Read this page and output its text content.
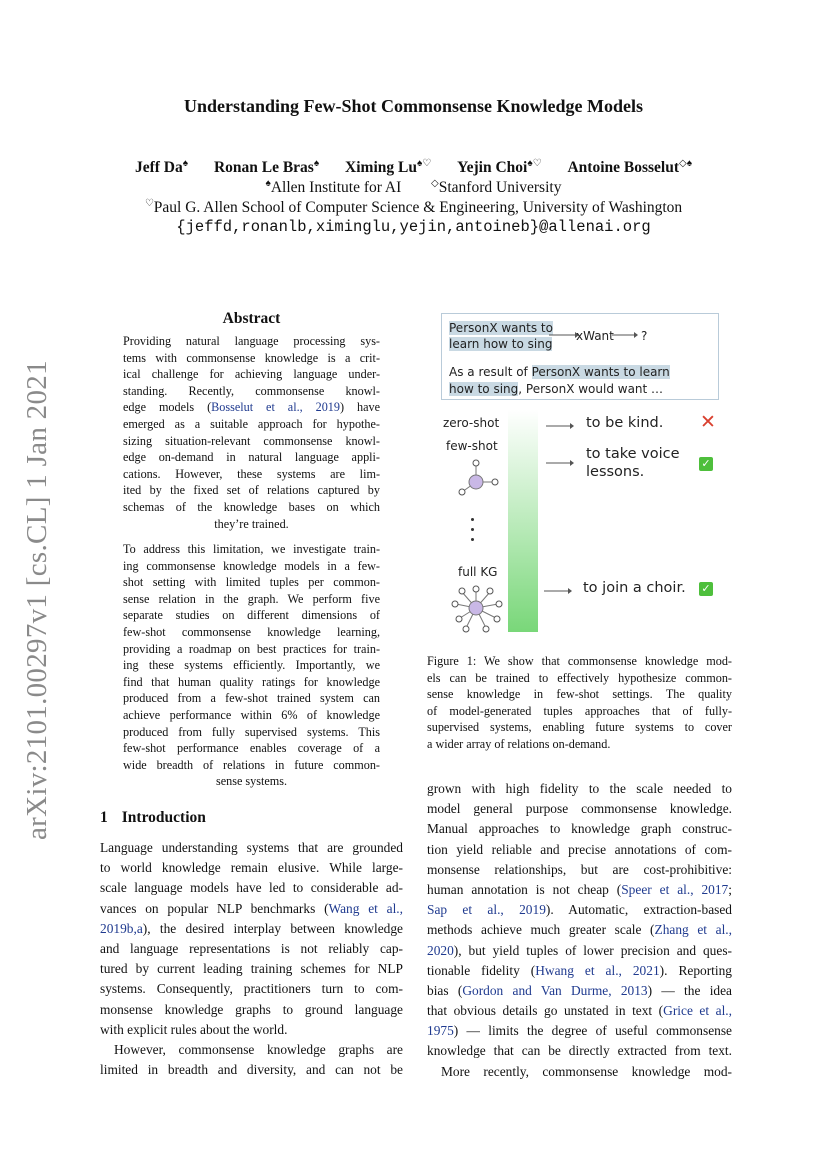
Understanding Few-Shot Commonsense Knowledge Models
Jeff Da♠ Ronan Le Bras♠ Ximing Lu♠♡ Yejin Choi♠♡ Antoine Bosselut◇♠
♠Allen Institute for AI	◇Stanford University
♡Paul G. Allen School of Computer Science & Engineering, University of Washington
{jeffd,ronanlb,ximinglu,yejin,antoineb}@allenai.org
arXiv:2101.00297v1 [cs.CL] 1 Jan 2021
Abstract
Providing natural language processing sys-
tems with commonsense knowledge is a crit-
ical challenge for achieving language under-
standing. Recently, commonsense knowl-
edge models (Bosselut et al., 2019) have
emerged as a suitable approach for hypothe-
sizing situation-relevant commonsense knowl-
edge on-demand in natural language appli-
cations. However, these systems are lim-
ited by the fixed set of relations captured by
schemas of the knowledge bases on which
they’re trained.
To address this limitation, we investigate train-
ing commonsense knowledge models in a few-
shot setting with limited tuples per common-
sense relation in the graph. We perform five
separate studies on different dimensions of
few-shot commonsense knowledge learning,
providing a roadmap on best practices for train-
ing these systems efficiently. Importantly, we
find that human quality ratings for knowledge
produced from a few-shot trained system can
achieve performance within 6% of knowledge
produced from fully supervised systems. This
few-shot performance enables coverage of a
wide breadth of relations in future common-
sense systems.
1 Introduction
Language understanding systems that are grounded
to world knowledge remain elusive. While large-
scale language models have led to considerable ad-
vances on popular NLP benchmarks (Wang et al.,
2019b,a), the desired interplay between knowledge
and language representations is not reliably cap-
tured by current leading training schemes for NLP
systems. Consequently, practitioners turn to com-
monsense knowledge graphs to ground language
with explicit rules about the world.
However, commonsense knowledge graphs are
limited in breadth and diversity, and can not be
grown with high fidelity to the scale needed to
model general purpose commonsense knowledge.
Manual approaches to knowledge graph construc-
tion yield reliable and precise annotations of com-
monsense relationships, but are cost-prohibitive:
human annotation is not cheap (Speer et al., 2017;
Sap et al., 2019). Automatic, extraction-based
methods achieve much greater scale (Zhang et al.,
2020), but yield tuples of lower precision and ques-
tionable fidelity (Hwang et al., 2021). Reporting
bias (Gordon and Van Durme, 2013) — the idea
that obvious details go unstated in text (Grice et al.,
1975) — limits the degree of useful commonsense
knowledge that can be directly extracted from text.
More recently, commonsense knowledge mod-
PersonX wants to
learn how to sing
xWant ?
As a result of PersonX wants to learn
how to sing, PersonX would want …
zero-shot
few-shot
full KG
to be kind.
to take voice
lessons.
to join a choir.
✕
✓
✓
Figure 1: We show that commonsense knowledge mod-
els can be trained to effectively hypothesize common-
sense knowledge in few-shot settings. The quality
of model-generated tuples approaches that of fully-
supervised systems, enabling future systems to cover
a wider array of relations on-demand.
